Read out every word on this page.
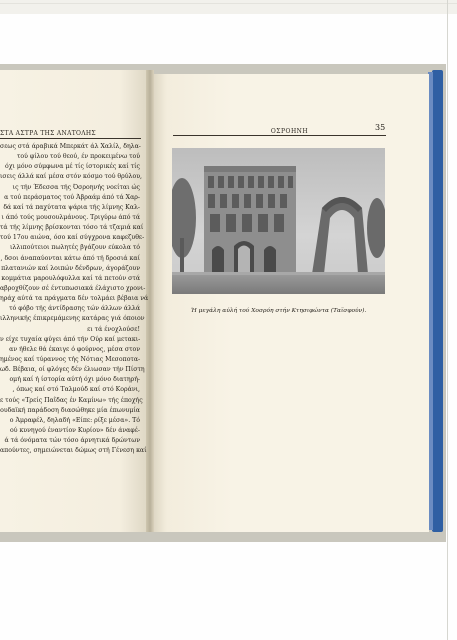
ΣΤΑ ΑΣΤΡΑ ΤΗΣ ΑΝΑΤΟΛΗΣ
σεως στά άραβικά Μπερκάτ άλ Χαλίλ, δηλα-
τού φίλου τού θεού, έν προκειμένω τού
όχι μόνο σύμφωνα μέ τίς ίστορικές καί τίς
ισεις άλλά καί μέσα στόν κόσμο τού θρύλου,
ις τήν Έδεσσα τής Όσροηνής νοείται ώς
α τού περάσματος τού Άβραάμ άπό τά Χαρ-
δά καί τά παχύτατα ψάρια τής λίμνης Καλ-
ι άπό τούς μουσουλμάνους. Τριγύρω άπό τά
τά τής λίμνης βρίσκονται τόσο τά τζαμιά καί
τού 17ου αιώνα, όσο καί σύγχρονα καφεζυθε-
ιλλιπούτειοι πωλητές βγάζουν εύκολα τό
, δσοι άναπαύονται κάτω άπό τή δροσιά καί
πλατανιών καί λοιπών δένδρων, άγοράζουν
κομμάτια μαρουλόφυλλα καί τά πετούν στά
αβροχθίζουν σέ έντυπωσιακά έλάχιστο χρονι-
ηράχ αύτά τα πράγματα δέν τολμάει βέβαια νά
τό φόβο τής άντίδρασης τών άλλων άλλά
ιλληνικής έπικρεμάμενης κατάρας γιά όποιον
ει τά ένοχλούσε!
ν είχε τυχαία φύγει άπό τήν Ούρ καί μετακι-
αν ήθελε θά έκαιγε ό φούρνος, μέσα στον
ημένος καί τύραννος τής Νότιας Μεσοποτα-
ωδ. Βέβαια, οί φλόγες δέν έλιωσαν τήν Πίστη
ομή καί ή ίστορία αύτή όχι μόνο διατηρή-
, όπως καί στό Ταλμούδ καί στό Κοράνι,
ε τούς «Τρείς Παΐδας έν Καμίνω» τής έποχής
ουδαϊκή παράδοση διασώθηκε μία έπωνυμία
ο Άμραφέλ, δηλαδή «Είπε: ρίξε μέσα». Τό
ού κυνηγού έναντίον Κυρίου» δέν άναφέ-
ά τά όνόματα τών τόσο άρνητικά δρώντων
απούντες, σημειώνεται δώμως στή Γένεση καί
ΟΣΡΟΗΝΗ	35
Ή μεγάλη αύλή τού Χοσρόη στήν Κτησιφώντα (Ταϊσφούν).
